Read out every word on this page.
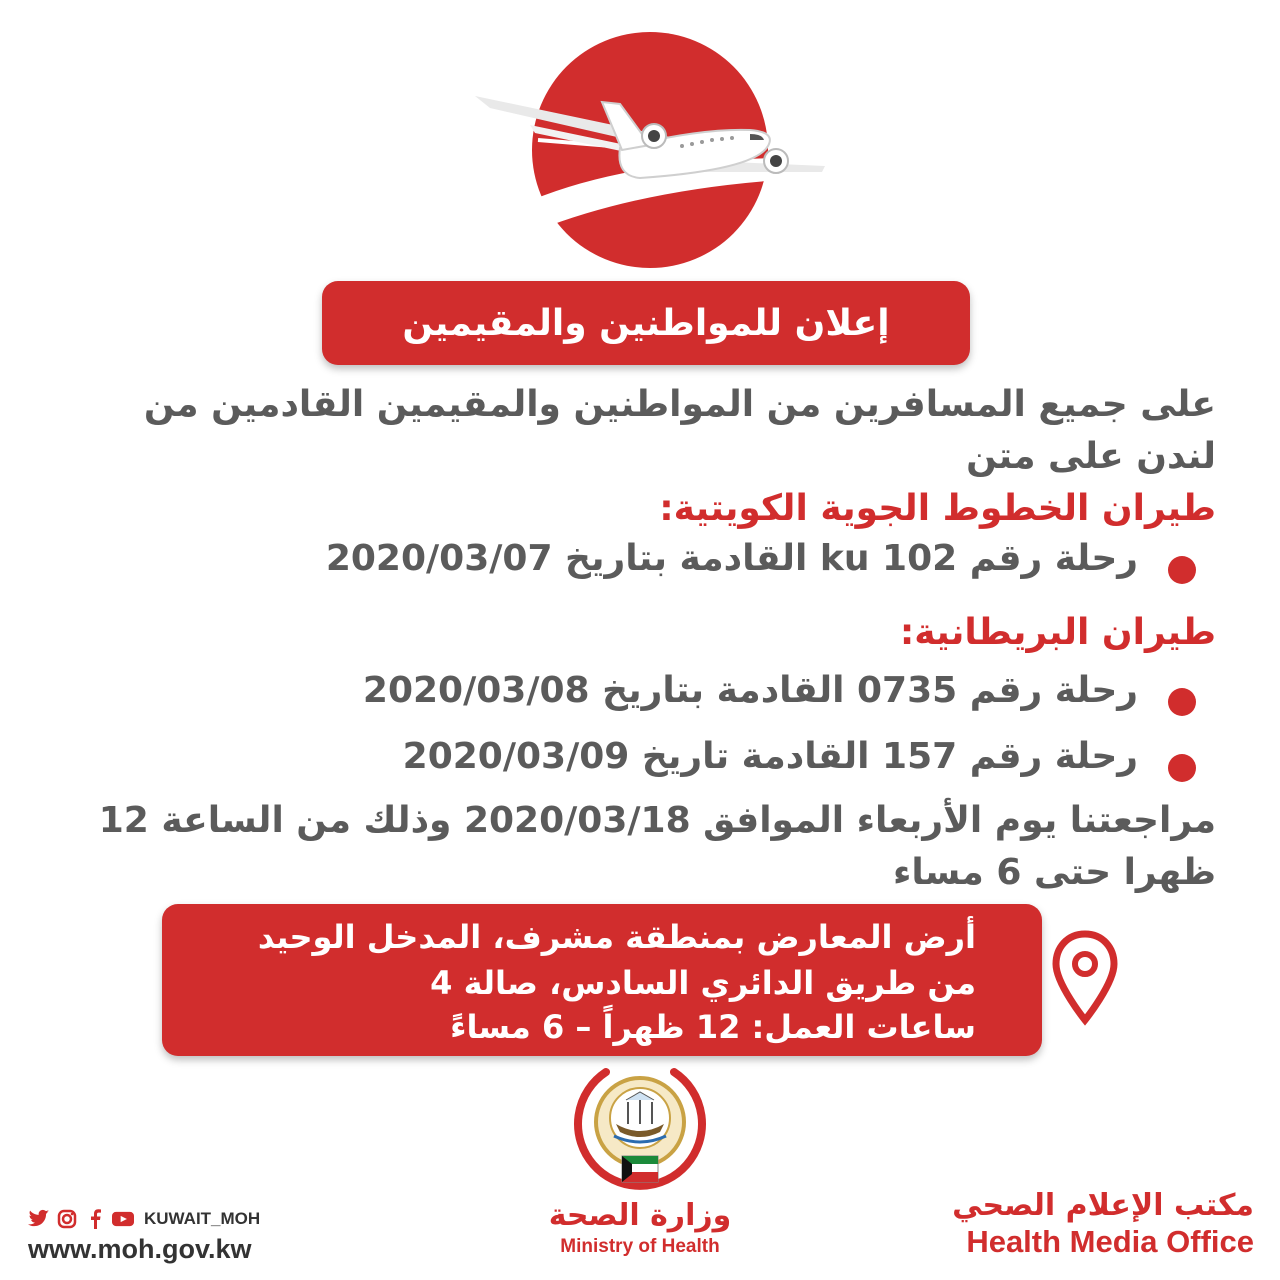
إعلان للمواطنين والمقيمين
على جميع المسافرين من المواطنين والمقيمين القادمين من
لندن على متن
طيران الخطوط الجوية الكويتية:
رحلة رقم 102 ku القادمة بتاريخ 2020/03/07
طيران البريطانية:
رحلة رقم 0735 القادمة بتاريخ 2020/03/08
رحلة رقم 157 القادمة تاريخ 2020/03/09
مراجعتنا يوم الأربعاء الموافق 2020/03/18 وذلك من الساعة 12
ظهرا حتى 6 مساء
أرض المعارض بمنطقة مشرف، المدخل الوحيد
من طريق الدائري السادس، صالة 4
ساعات العمل: 12 ظهراً – 6 مساءً
وزارة الصحة
Ministry of Health
KUWAIT_MOH
www.moh.gov.kw
مكتب الإعلام الصحي
Health Media Office
